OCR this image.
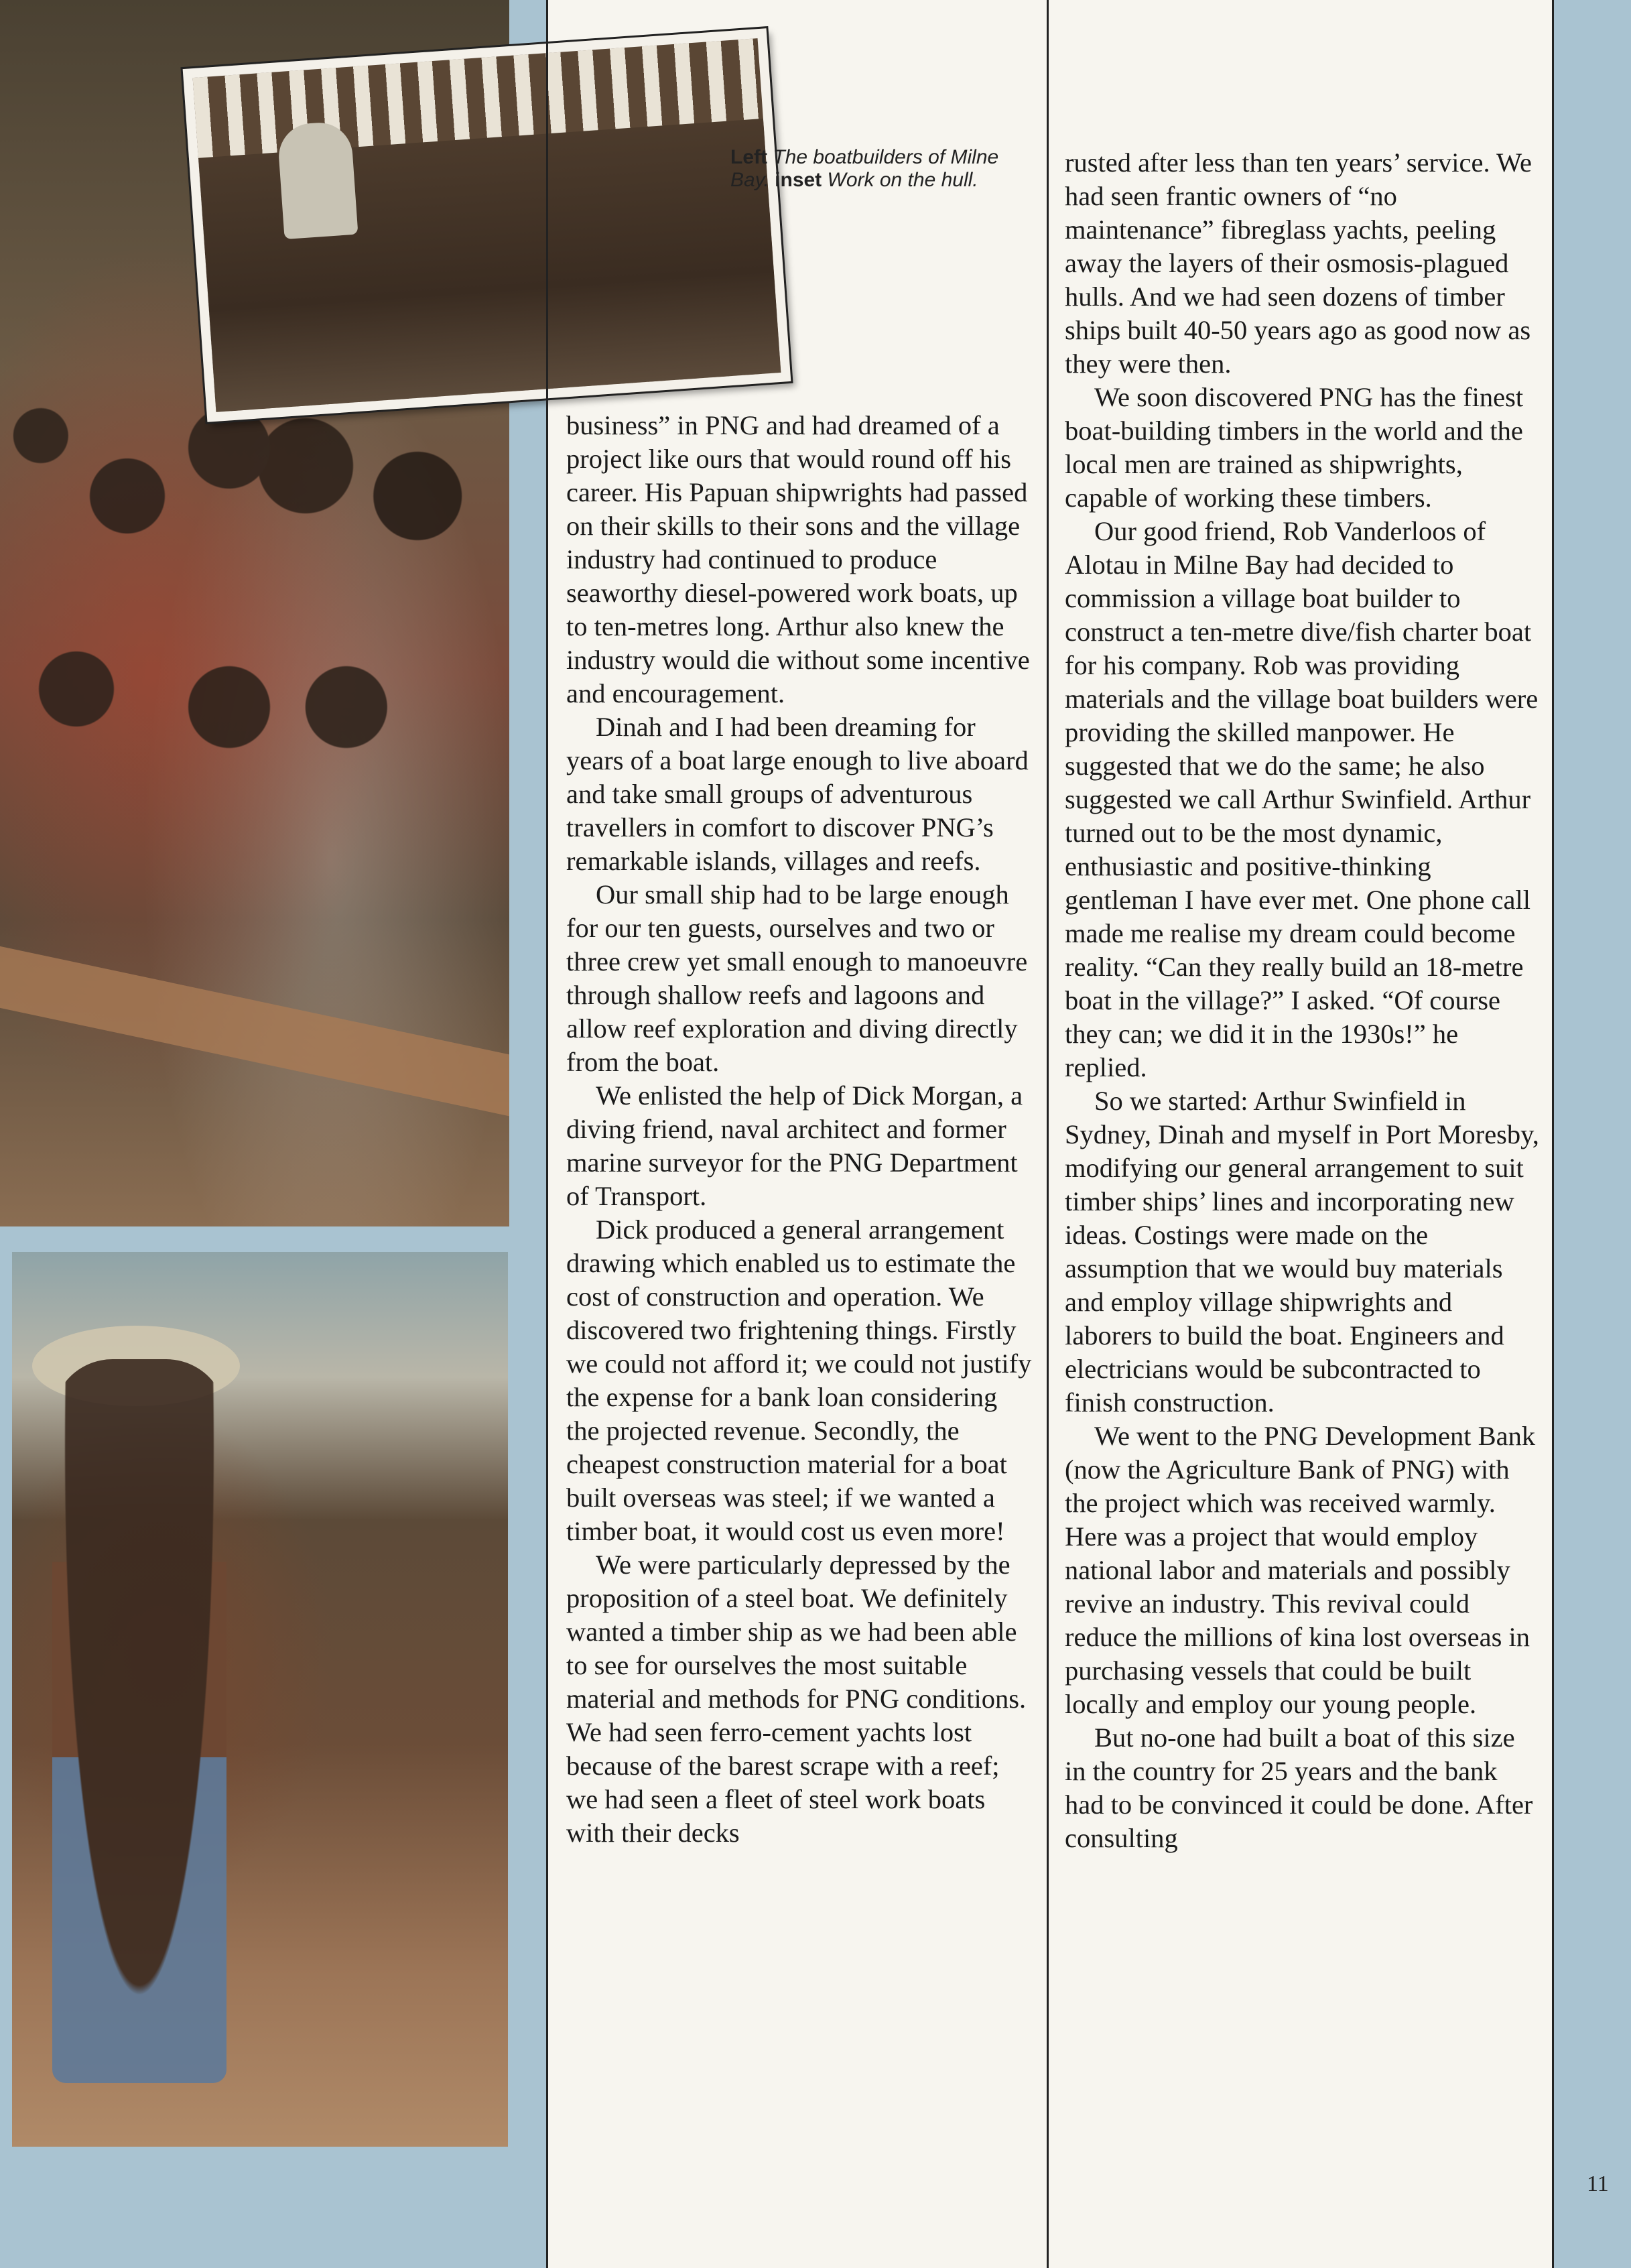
Left The boatbuilders of Milne Bay. inset Work on the hull.

business” in PNG and had dreamed of a project like ours that would round off his career. His Papuan shipwrights had passed on their skills to their sons and the village industry had continued to produce seaworthy diesel-powered work boats, up to ten-metres long. Arthur also knew the industry would die without some incentive and encouragement.

Dinah and I had been dreaming for years of a boat large enough to live aboard and take small groups of adventurous travellers in comfort to discover PNG’s remarkable islands, villages and reefs.

Our small ship had to be large enough for our ten guests, ourselves and two or three crew yet small enough to manoeuvre through shallow reefs and lagoons and allow reef exploration and diving directly from the boat.

We enlisted the help of Dick Morgan, a diving friend, naval architect and former marine surveyor for the PNG Department of Transport.

Dick produced a general arrangement drawing which enabled us to estimate the cost of construction and operation. We discovered two frightening things. Firstly we could not afford it; we could not justify the expense for a bank loan considering the projected revenue. Secondly, the cheapest construction material for a boat built overseas was steel; if we wanted a timber boat, it would cost us even more!

We were particularly depressed by the proposition of a steel boat. We definitely wanted a timber ship as we had been able to see for ourselves the most suitable material and methods for PNG conditions. We had seen ferro-cement yachts lost because of the barest scrape with a reef; we had seen a fleet of steel work boats with their decks

rusted after less than ten years’ service. We had seen frantic owners of “no maintenance” fibreglass yachts, peeling away the layers of their osmosis-plagued hulls. And we had seen dozens of timber ships built 40-50 years ago as good now as they were then.

We soon discovered PNG has the finest boat-building timbers in the world and the local men are trained as shipwrights, capable of working these timbers.

Our good friend, Rob Vanderloos of Alotau in Milne Bay had decided to commission a village boat builder to construct a ten-metre dive/fish charter boat for his company. Rob was providing materials and the village boat builders were providing the skilled manpower. He suggested that we do the same; he also suggested we call Arthur Swinfield. Arthur turned out to be the most dynamic, enthusiastic and positive-thinking gentleman I have ever met. One phone call made me realise my dream could become reality. “Can they really build an 18-metre boat in the village?” I asked. “Of course they can; we did it in the 1930s!” he replied.

So we started: Arthur Swinfield in Sydney, Dinah and myself in Port Moresby, modifying our general arrangement to suit timber ships’ lines and incorporating new ideas. Costings were made on the assumption that we would buy materials and employ village shipwrights and laborers to build the boat. Engineers and electricians would be subcontracted to finish construction.

We went to the PNG Development Bank (now the Agriculture Bank of PNG) with the project which was received warmly. Here was a project that would employ national labor and materials and possibly revive an industry. This revival could reduce the millions of kina lost overseas in purchasing vessels that could be built locally and employ our young people.

But no-one had built a boat of this size in the country for 25 years and the bank had to be convinced it could be done. After consulting

11
